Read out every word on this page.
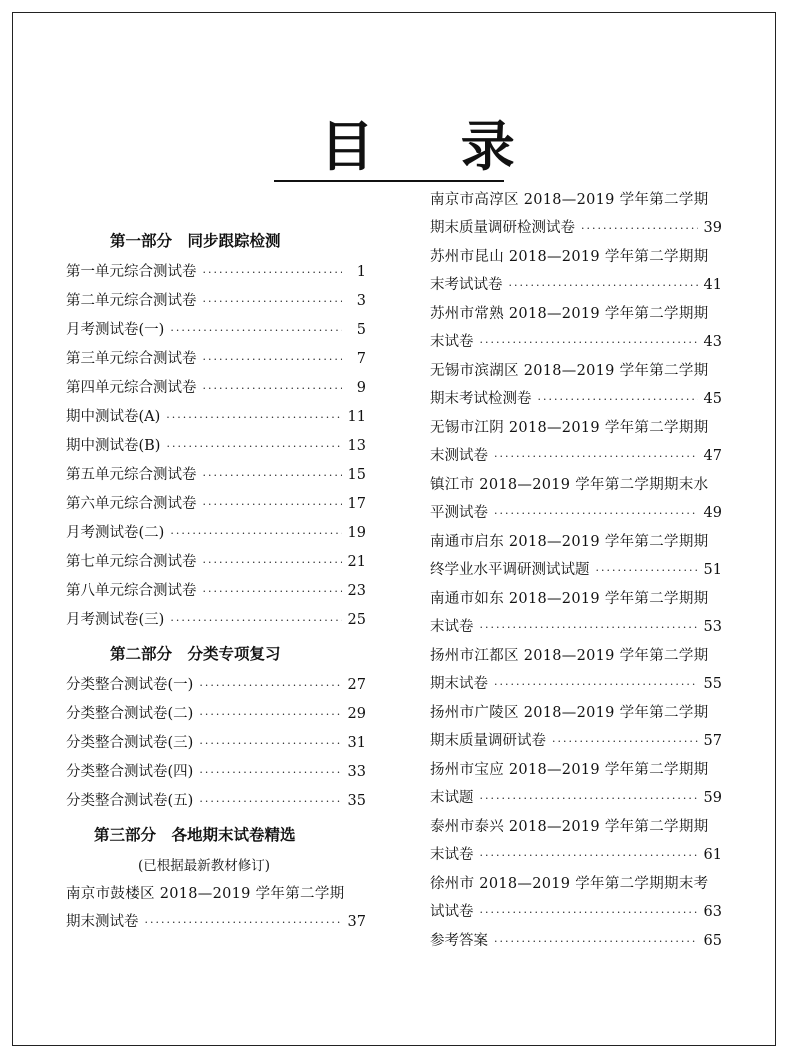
目 录
第一部分　同步跟踪检测
第一单元综合测试卷 ·····	1
第二单元综合测试卷 ·····	3
月考测试卷(一) ·····	5
第三单元综合测试卷 ·····	7
第四单元综合测试卷 ·····	9
期中测试卷(A) ·····	11
期中测试卷(B) ·····	13
第五单元综合测试卷 ·····	15
第六单元综合测试卷 ·····	17
月考测试卷(二) ·····	19
第七单元综合测试卷 ·····	21
第八单元综合测试卷 ·····	23
月考测试卷(三) ·····	25
第二部分　分类专项复习
分类整合测试卷(一) ·····	27
分类整合测试卷(二) ·····	29
分类整合测试卷(三) ·····	31
分类整合测试卷(四) ·····	33
分类整合测试卷(五) ·····	35
第三部分　各地期末试卷精选
(已根据最新教材修订)
南京市鼓楼区 2018—2019 学年第二学期
期末测试卷 ·····	37
南京市高淳区 2018—2019 学年第二学期
期末质量调研检测试卷 ·····	39
苏州市昆山 2018—2019 学年第二学期期
末考试试卷 ·····	41
苏州市常熟 2018—2019 学年第二学期期
末试卷 ·····	43
无锡市滨湖区 2018—2019 学年第二学期
期末考试检测卷 ·····	45
无锡市江阴 2018—2019 学年第二学期期
末测试卷 ·····	47
镇江市 2018—2019 学年第二学期期末水
平测试卷 ·····	49
南通市启东 2018—2019 学年第二学期期
终学业水平调研测试试题 ·····	51
南通市如东 2018—2019 学年第二学期期
末试卷 ·····	53
扬州市江都区 2018—2019 学年第二学期
期末试卷 ·····	55
扬州市广陵区 2018—2019 学年第二学期
期末质量调研试卷 ·····	57
扬州市宝应 2018—2019 学年第二学期期
末试题 ·····	59
泰州市泰兴 2018—2019 学年第二学期期
末试卷 ·····	61
徐州市 2018—2019 学年第二学期期末考
试试卷 ·····	63
参考答案 ·····	65
